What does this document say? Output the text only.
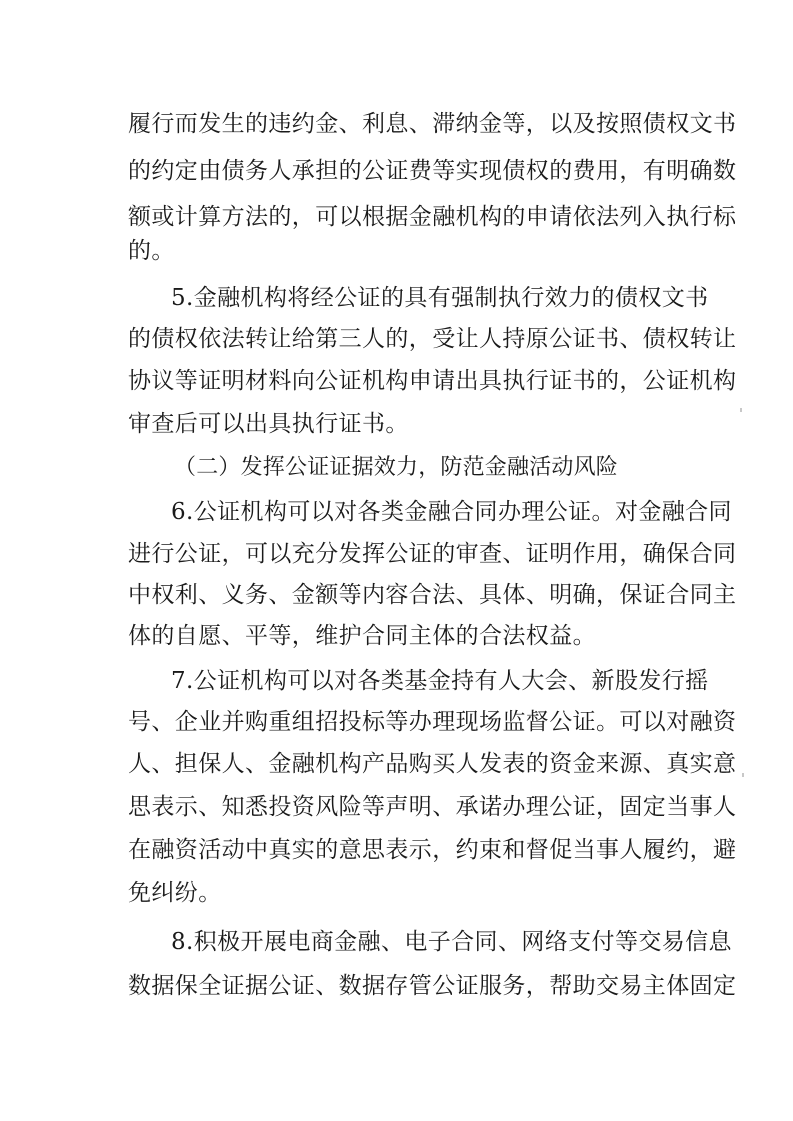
履行而发生的违约金、利息、滞纳金等，以及按照债权文书
的约定由债务人承担的公证费等实现债权的费用，有明确数
额或计算方法的，可以根据金融机构的申请依法列入执行标
的。
5.金融机构将经公证的具有强制执行效力的债权文书
的债权依法转让给第三人的，受让人持原公证书、债权转让
协议等证明材料向公证机构申请出具执行证书的，公证机构
审查后可以出具执行证书。
（二）发挥公证证据效力，防范金融活动风险
6.公证机构可以对各类金融合同办理公证。对金融合同
进行公证，可以充分发挥公证的审查、证明作用，确保合同
中权利、义务、金额等内容合法、具体、明确，保证合同主
体的自愿、平等，维护合同主体的合法权益。
7.公证机构可以对各类基金持有人大会、新股发行摇
号、企业并购重组招投标等办理现场监督公证。可以对融资
人、担保人、金融机构产品购买人发表的资金来源、真实意
思表示、知悉投资风险等声明、承诺办理公证，固定当事人
在融资活动中真实的意思表示，约束和督促当事人履约，避
免纠纷。
8.积极开展电商金融、电子合同、网络支付等交易信息
数据保全证据公证、数据存管公证服务，帮助交易主体固定
